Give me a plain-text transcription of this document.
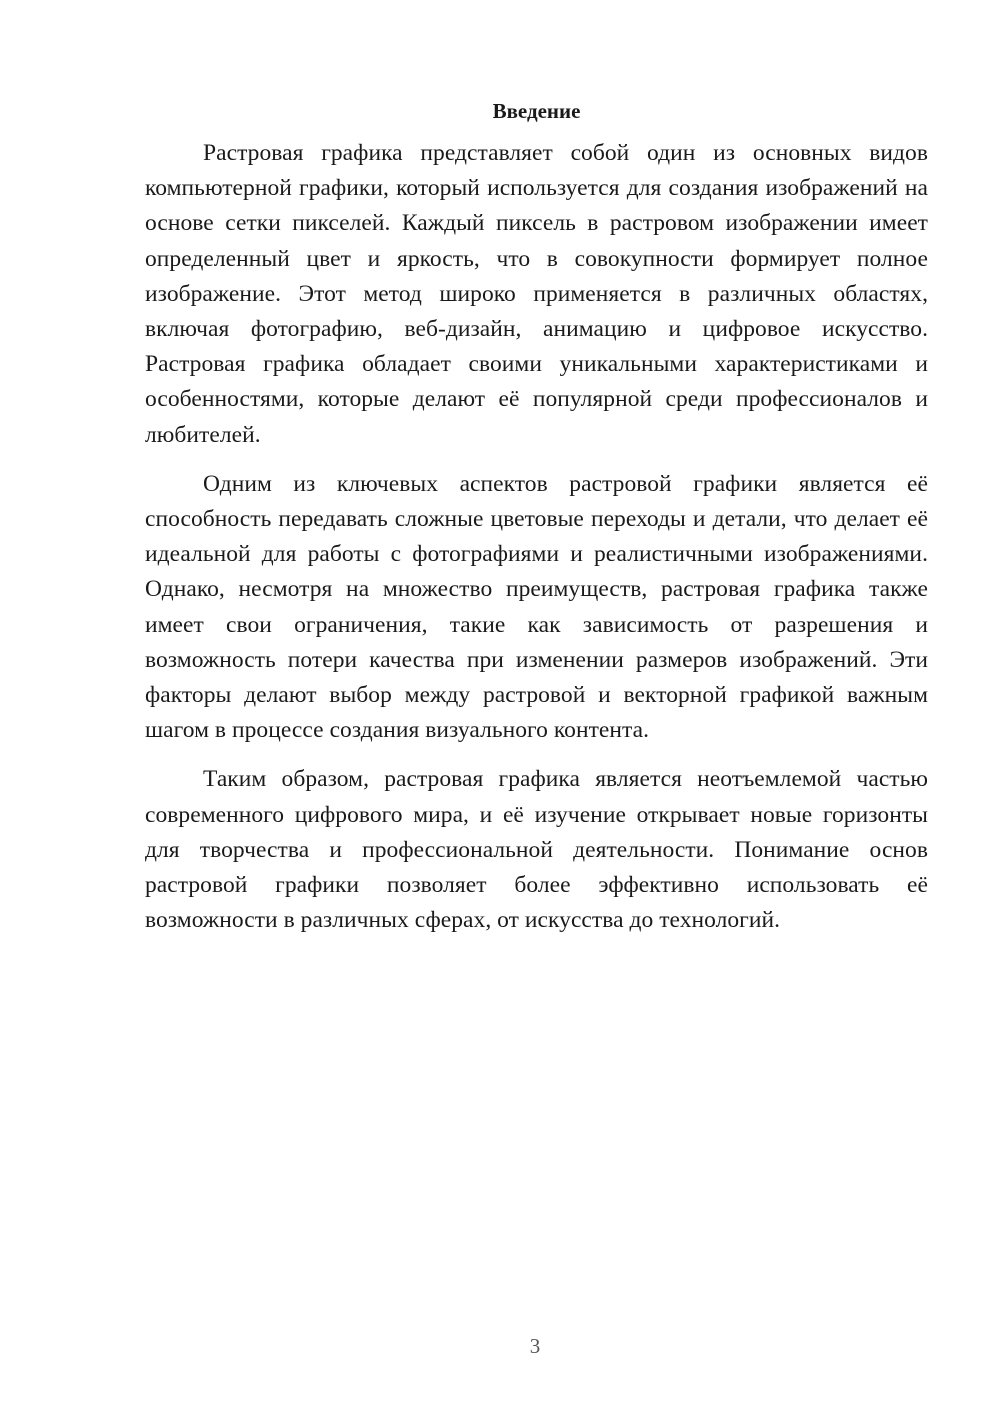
Введение

Растровая графика представляет собой один из основных видов компьютерной графики, который используется для создания изображений на основе сетки пикселей. Каждый пиксель в растровом изображении имеет определенный цвет и яркость, что в совокупности формирует полное изображение. Этот метод широко применяется в различных областях, включая фотографию, веб-дизайн, анимацию и цифровое искусство. Растровая графика обладает своими уникальными характеристиками и особенностями, которые делают её популярной среди профессионалов и любителей.

Одним из ключевых аспектов растровой графики является её способность передавать сложные цветовые переходы и детали, что делает её идеальной для работы с фотографиями и реалистичными изображениями. Однако, несмотря на множество преимуществ, растровая графика также имеет свои ограничения, такие как зависимость от разрешения и возможность потери качества при изменении размеров изображений. Эти факторы делают выбор между растровой и векторной графикой важным шагом в процессе создания визуального контента.

Таким образом, растровая графика является неотъемлемой частью современного цифрового мира, и её изучение открывает новые горизонты для творчества и профессиональной деятельности. Понимание основ растровой графики позволяет более эффективно использовать её возможности в различных сферах, от искусства до технологий.

3
